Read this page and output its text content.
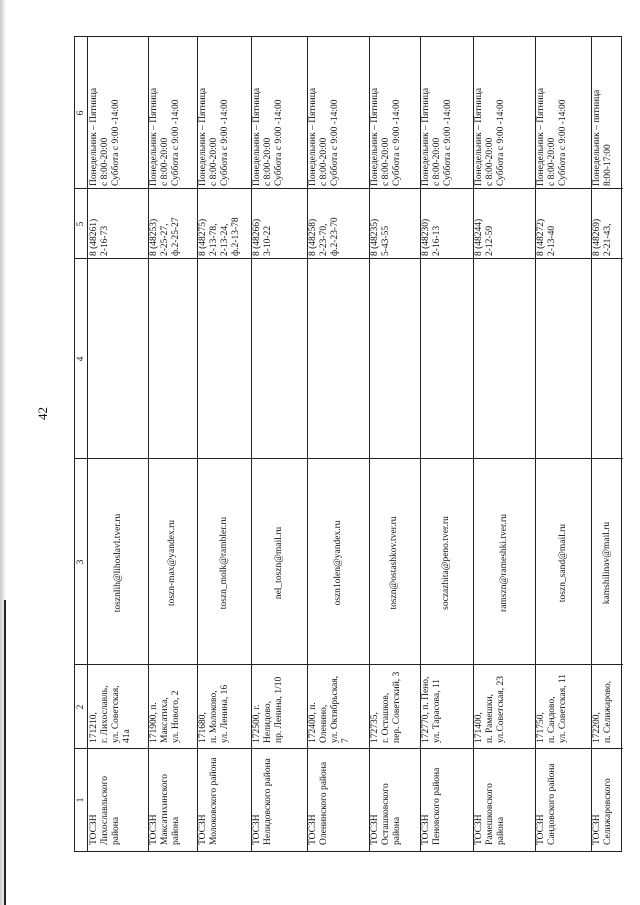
42
1
2
3
4
5
6
ТОСЗН Лихославльского района
171210, г. Лихославль, ул. Советская, 41а
tosznlih@lihoslavl.tver.ru
8 (48261) 2-16-73
Понедельник – Пятница с 8:00-20:00 Суббота с 9:00 -14:00
ТОСЗН Максатихинского района
171900, п. Максатиха, ул. Нового, 2
toszn-max@yandex.ru
8 (48253) 2-25-27, ф.2-25-27
Понедельник – Пятница с 8:00-20:00 Суббота с 9:00 -14:00
ТОСЗН Молоковского района
171680, п. Молоково, ул. Ленина, 16
toszn_molk@rambler.ru
8 (48275) 2-13-78, 2-13-24, ф.2-13-78
Понедельник – Пятница с 8:00-20:00 Суббота с 9:00 -14:00
ТОСЗН Нелидовского района
172500, г. Нелидово, пр. Ленина, 1/10
nel_toszn@mail.ru
8 (48266) 3-10-22
Понедельник – Пятница с 8:00-20:00 Суббота с 9:00 -14:00
ТОСЗН Оленинского района
172400, п. Оленино, ул. Октябрьская, 7
oszn1olen@yandex.ru
8 (48258) 2-23-70, ф.2-23-70
Понедельник – Пятница с 8:00-20:00 Суббота с 9:00 -14:00
ТОСЗН Осташковского района
172735, г. Осташков, пер. Советский, 3
toszn@ostashkov.tver.ru
8 (48235) 5-43-55
Понедельник – Пятница с 8:00-20:00 Суббота с 9:00 -14:00
ТОСЗН Пеновского района
172770, п. Пено, ул. Тарасова, 11
soczazhita@peno.tver.ru
8 (48230) 2-16-13
Понедельник – Пятница с 8:00-20:00 Суббота с 9:00 -14:00
ТОСЗН Рамешковского района
171400, п. Рамешки, ул.Советская, 23
ramszn@rameshki.tver.ru
8 (48244) 2-12-59
Понедельник – Пятница с 8:00-20:00 Суббота с 9:00 -14:00
ТОСЗН Сандовского района
171750, п. Сандово, ул. Советская, 11
toszn_sand@mail.ru
8 (48272) 2-13-40
Понедельник – Пятница с 8:00-20:00 Суббота с 9:00 -14:00
ТОСЗН Селижаровского
172200, п. Селижарово,
kamshilinav@mail.ru
8 (48269) 2-21-43,
Понедельник – пятница 8:00-17:00
